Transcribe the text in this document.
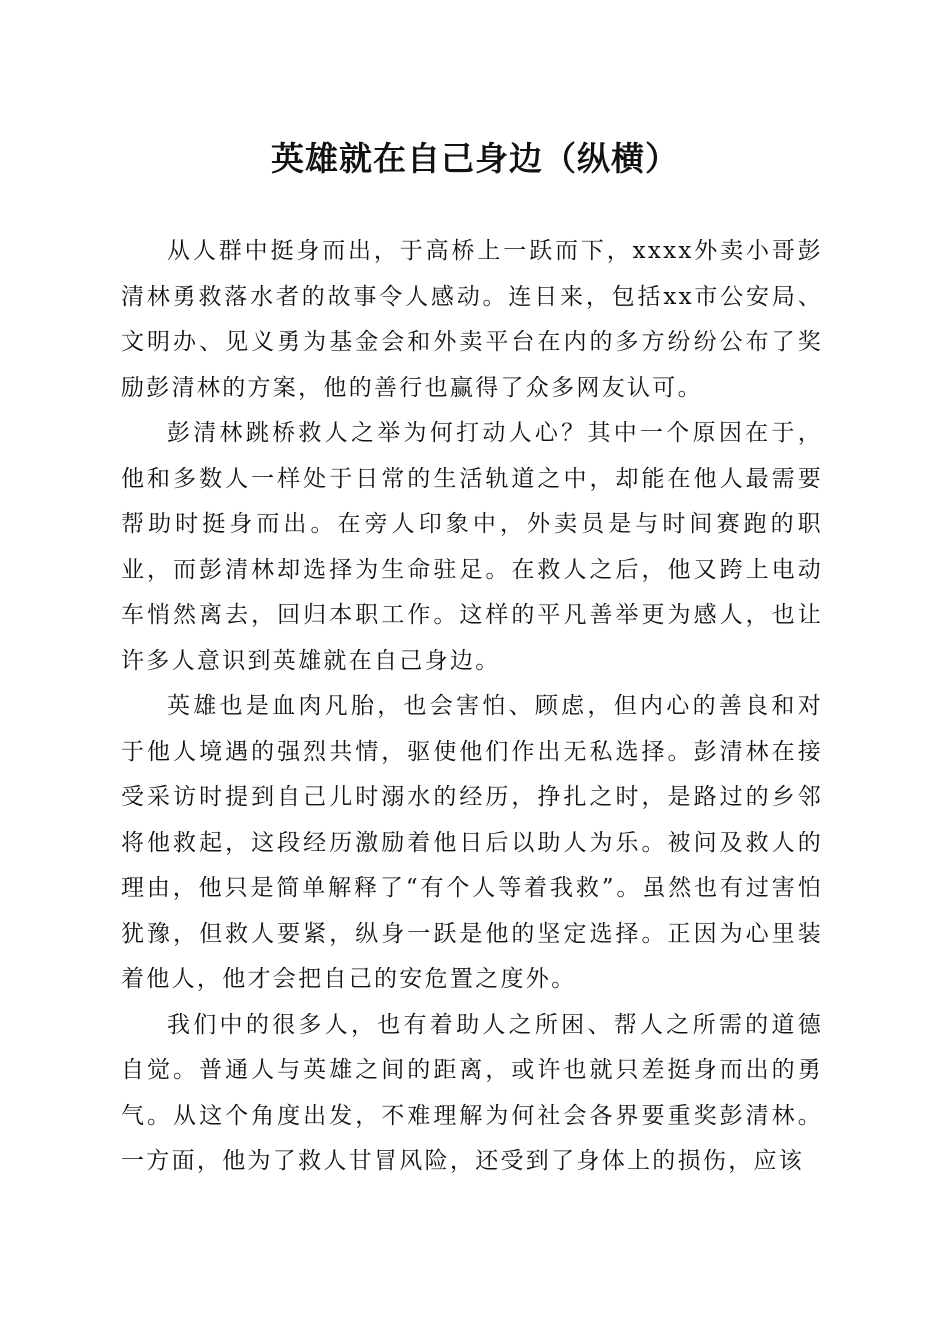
英雄就在自己身边（纵横）

从人群中挺身而出，于高桥上一跃而下，xxxx外卖小哥彭清林勇救落水者的故事令人感动。连日来，包括xx市公安局、文明办、见义勇为基金会和外卖平台在内的多方纷纷公布了奖励彭清林的方案，他的善行也赢得了众多网友认可。

彭清林跳桥救人之举为何打动人心？其中一个原因在于，他和多数人一样处于日常的生活轨道之中，却能在他人最需要帮助时挺身而出。在旁人印象中，外卖员是与时间赛跑的职业，而彭清林却选择为生命驻足。在救人之后，他又跨上电动车悄然离去，回归本职工作。这样的平凡善举更为感人，也让许多人意识到英雄就在自己身边。

英雄也是血肉凡胎，也会害怕、顾虑，但内心的善良和对于他人境遇的强烈共情，驱使他们作出无私选择。彭清林在接受采访时提到自己儿时溺水的经历，挣扎之时，是路过的乡邻将他救起，这段经历激励着他日后以助人为乐。被问及救人的理由，他只是简单解释了“有个人等着我救”。虽然也有过害怕犹豫，但救人要紧，纵身一跃是他的坚定选择。正因为心里装着他人，他才会把自己的安危置之度外。

我们中的很多人，也有着助人之所困、帮人之所需的道德自觉。普通人与英雄之间的距离，或许也就只差挺身而出的勇气。从这个角度出发，不难理解为何社会各界要重奖彭清林。一方面，他为了救人甘冒风险，还受到了身体上的损伤，应该
